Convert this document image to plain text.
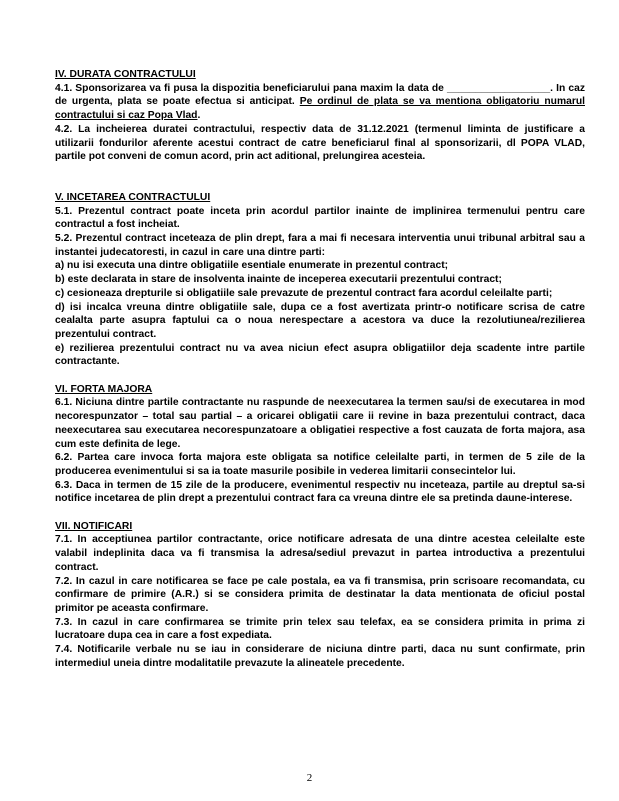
IV. DURATA CONTRACTULUI

4.1. Sponsorizarea va fi pusa la dispozitia beneficiarului pana maxim la data de __________________. In caz de urgenta, plata se poate efectua si anticipat. Pe ordinul de plata se va mentiona obligatoriu numarul contractului si caz Popa Vlad.

4.2. La incheierea duratei contractului, respectiv data de 31.12.2021 (termenul liminta de justificare a utilizarii fondurilor aferente acestui contract de catre beneficiarul final al sponsorizarii, dl POPA VLAD, partile pot conveni de comun acord, prin act aditional, prelungirea acesteia.

V. INCETAREA CONTRACTULUI

5.1. Prezentul contract poate inceta prin acordul partilor inainte de implinirea termenului pentru care contractul a fost incheiat.

5.2. Prezentul contract inceteaza de plin drept, fara a mai fi necesara interventia unui tribunal arbitral sau a instantei judecatoresti, in cazul in care una dintre parti:

a) nu isi executa una dintre obligatiile esentiale enumerate in prezentul contract;

b) este declarata in stare de insolventa inainte de inceperea executarii prezentului contract;

c) cesioneaza drepturile si obligatiile sale prevazute de prezentul contract fara acordul celeilalte parti;

d) isi incalca vreuna dintre obligatiile sale, dupa ce a fost avertizata printr-o notificare scrisa de catre cealalta parte asupra faptului ca o noua nerespectare a acestora va duce la rezolutiunea/rezilierea prezentului contract.

e) rezilierea prezentului contract nu va avea niciun efect asupra obligatiilor deja scadente intre partile contractante.

VI. FORTA MAJORA

6.1. Niciuna dintre partile contractante nu raspunde de neexecutarea la termen sau/si de executarea in mod necorespunzator – total sau partial – a oricarei obligatii care ii revine in baza prezentului contract, daca neexecutarea sau executarea necorespunzatoare a obligatiei respective a fost cauzata de forta majora, asa cum este definita de lege.

6.2. Partea care invoca forta majora este obligata sa notifice celeilalte parti, in termen de 5 zile de la producerea evenimentului si sa ia toate masurile posibile in vederea limitarii consecintelor lui.

6.3. Daca in termen de 15 zile de la producere, evenimentul respectiv nu inceteaza, partile au dreptul sa-si notifice incetarea de plin drept a prezentului contract fara ca vreuna dintre ele sa pretinda daune-interese.

VII. NOTIFICARI

7.1. In acceptiunea partilor contractante, orice notificare adresata de una dintre acestea celeilalte este valabil indeplinita daca va fi transmisa la adresa/sediul prevazut in partea introductiva a prezentului contract.

7.2. In cazul in care notificarea se face pe cale postala, ea va fi transmisa, prin scrisoare recomandata, cu confirmare de primire (A.R.) si se considera primita de destinatar la data mentionata de oficiul postal primitor pe aceasta confirmare.

7.3. In cazul in care confirmarea se trimite prin telex sau telefax, ea se considera primita in prima zi lucratoare dupa cea in care a fost expediata.

7.4. Notificarile verbale nu se iau in considerare de niciuna dintre parti, daca nu sunt confirmate, prin intermediul uneia dintre modalitatile prevazute la alineatele precedente.

2
